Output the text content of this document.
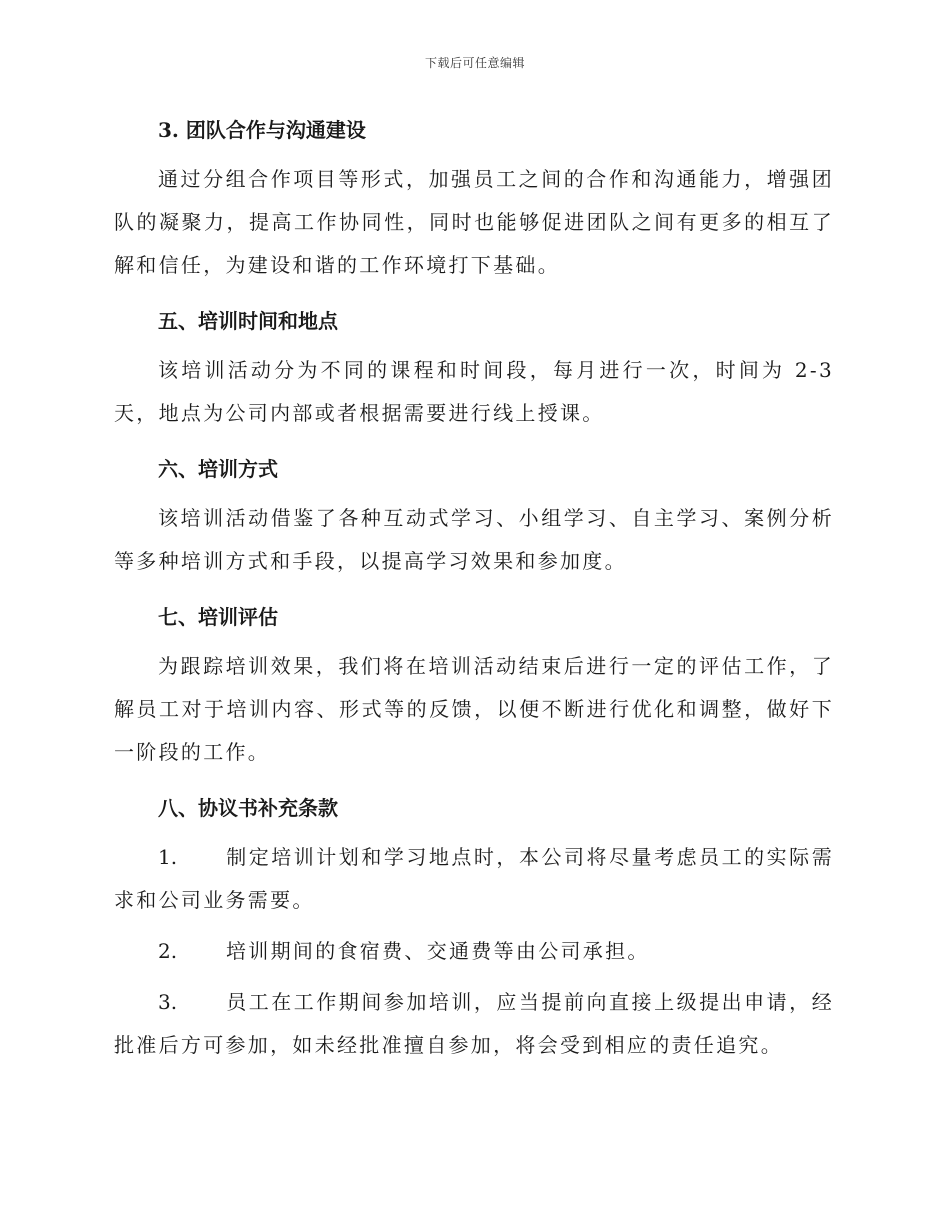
下载后可任意编辑

3. 团队合作与沟通建设

通过分组合作项目等形式，加强员工之间的合作和沟通能力，增强团队的凝聚力，提高工作协同性，同时也能够促进团队之间有更多的相互了解和信任，为建设和谐的工作环境打下基础。

五、培训时间和地点

该培训活动分为不同的课程和时间段，每月进行一次，时间为 2-3 天，地点为公司内部或者根据需要进行线上授课。

六、培训方式

该培训活动借鉴了各种互动式学习、小组学习、自主学习、案例分析等多种培训方式和手段，以提高学习效果和参加度。

七、培训评估

为跟踪培训效果，我们将在培训活动结束后进行一定的评估工作，了解员工对于培训内容、形式等的反馈，以便不断进行优化和调整，做好下一阶段的工作。

八、协议书补充条款

1. 制定培训计划和学习地点时，本公司将尽量考虑员工的实际需求和公司业务需要。

2. 培训期间的食宿费、交通费等由公司承担。

3. 员工在工作期间参加培训，应当提前向直接上级提出申请，经批准后方可参加，如未经批准擅自参加，将会受到相应的责任追究。
